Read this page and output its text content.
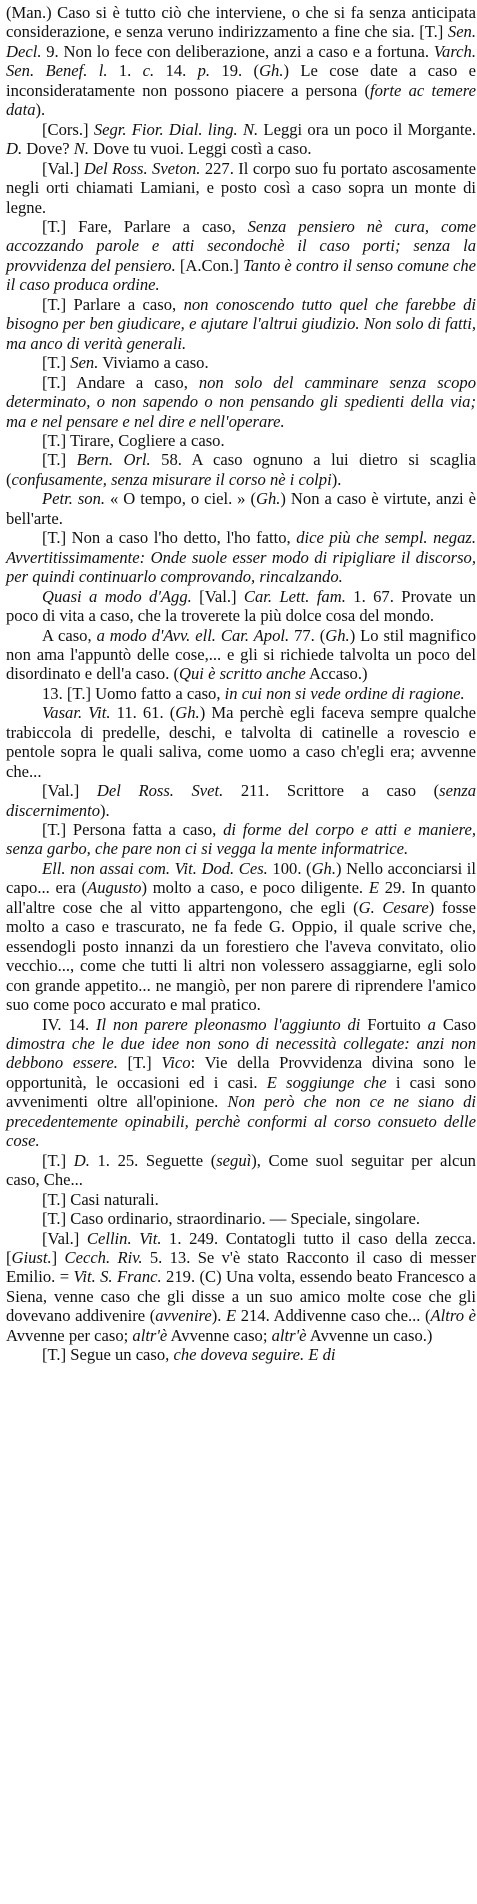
(Man.) Caso si è tutto ciò che interviene, o che si fa senza anticipata considerazione, e senza veruno indirizzamento a fine che sia. [T.] Sen. Decl. 9. Non lo fece con deliberazione, anzi a caso e a fortuna. Varch. Sen. Benef. l. 1. c. 14. p. 19. (Gh.) Le cose date a caso e inconsideratamente non possono piacere a persona (forte ac temere data).

[Cors.] Segr. Fior. Dial. ling. N. Leggi ora un poco il Morgante. D. Dove? N. Dove tu vuoi. Leggi costì a caso.

[Val.] Del Ross. Sveton. 227. Il corpo suo fu portato ascosamente negli orti chiamati Lamiani, e posto così a caso sopra un monte di legne.

[T.] Fare, Parlare a caso, Senza pensiero nè cura, come accozzando parole e atti secondochè il caso porti; senza la provvidenza del pensiero. [A.Con.] Tanto è contro il senso comune che il caso produca ordine.

[T.] Parlare a caso, non conoscendo tutto quel che farebbe di bisogno per ben giudicare, e ajutare l'altrui giudizio. Non solo di fatti, ma anco di verità generali.

[T.] Sen. Viviamo a caso.

[T.] Andare a caso, non solo del camminare senza scopo determinato, o non sapendo o non pensando gli spedienti della via; ma e nel pensare e nel dire e nell'operare.

[T.] Tirare, Cogliere a caso.

[T.] Bern. Orl. 58. A caso ognuno a lui dietro si scaglia (confusamente, senza misurare il corso nè i colpi).

Petr. son. « O tempo, o ciel. » (Gh.) Non a caso è virtute, anzi è bell'arte.

[T.] Non a caso l'ho detto, l'ho fatto, dice più che sempl. negaz. Avvertitissimamente: Onde suole esser modo di ripigliare il discorso, per quindi continuarlo comprovando, rincalzando.

Quasi a modo d'Agg. [Val.] Car. Lett. fam. 1. 67. Provate un poco di vita a caso, che la troverete la più dolce cosa del mondo.

A caso, a modo d'Avv. ell. Car. Apol. 77. (Gh.) Lo stil magnifico non ama l'appuntò delle cose,... e gli si richiede talvolta un poco del disordinato e dell'a caso. (Qui è scritto anche Accaso.)

13. [T.] Uomo fatto a caso, in cui non si vede ordine di ragione.

Vasar. Vit. 11. 61. (Gh.) Ma perchè egli faceva sempre qualche trabiccola di predelle, deschi, e talvolta di catinelle a rovescio e pentole sopra le quali saliva, come uomo a caso ch'egli era; avvenne che...

[Val.] Del Ross. Svet. 211. Scrittore a caso (senza discernimento).

[T.] Persona fatta a caso, di forme del corpo e atti e maniere, senza garbo, che pare non ci si vegga la mente informatrice.

Ell. non assai com. Vit. Dod. Ces. 100. (Gh.) Nello acconciarsi il capo... era (Augusto) molto a caso, e poco diligente. E 29. In quanto all'altre cose che al vitto appartengono, che egli (G. Cesare) fosse molto a caso e trascurato, ne fa fede G. Oppio, il quale scrive che, essendogli posto innanzi da un forestiero che l'aveva convitato, olio vecchio..., come che tutti li altri non volessero assaggiarne, egli solo con grande appetito... ne mangiò, per non parere di riprendere l'amico suo come poco accurato e mal pratico.

IV. 14. Il non parere pleonasmo l'aggiunto di Fortuito a Caso dimostra che le due idee non sono di necessità collegate: anzi non debbono essere. [T.] Vico: Vie della Provvidenza divina sono le opportunità, le occasioni ed i casi. E soggiunge che i casi sono avvenimenti oltre all'opinione. Non però che non ce ne siano di precedentemente opinabili, perchè conformi al corso consueto delle cose.

[T.] D. 1. 25. Seguette (seguì), Come suol seguitar per alcun caso, Che...

[T.] Casi naturali.

[T.] Caso ordinario, straordinario. — Speciale, singolare.

[Val.] Cellin. Vit. 1. 249. Contatogli tutto il caso della zecca. [Giust.] Cecch. Riv. 5. 13. Se v'è stato Racconto il caso di messer Emilio. = Vit. S. Franc. 219. (C) Una volta, essendo beato Francesco a Siena, venne caso che gli disse a un suo amico molte cose che gli dovevano addivenire (avvenire). E 214. Addivenne caso che... (Altro è Avvenne per caso; altr'è Avvenne caso; altr'è Avvenne un caso.)

[T.] Segue un caso, che doveva seguire. E di
